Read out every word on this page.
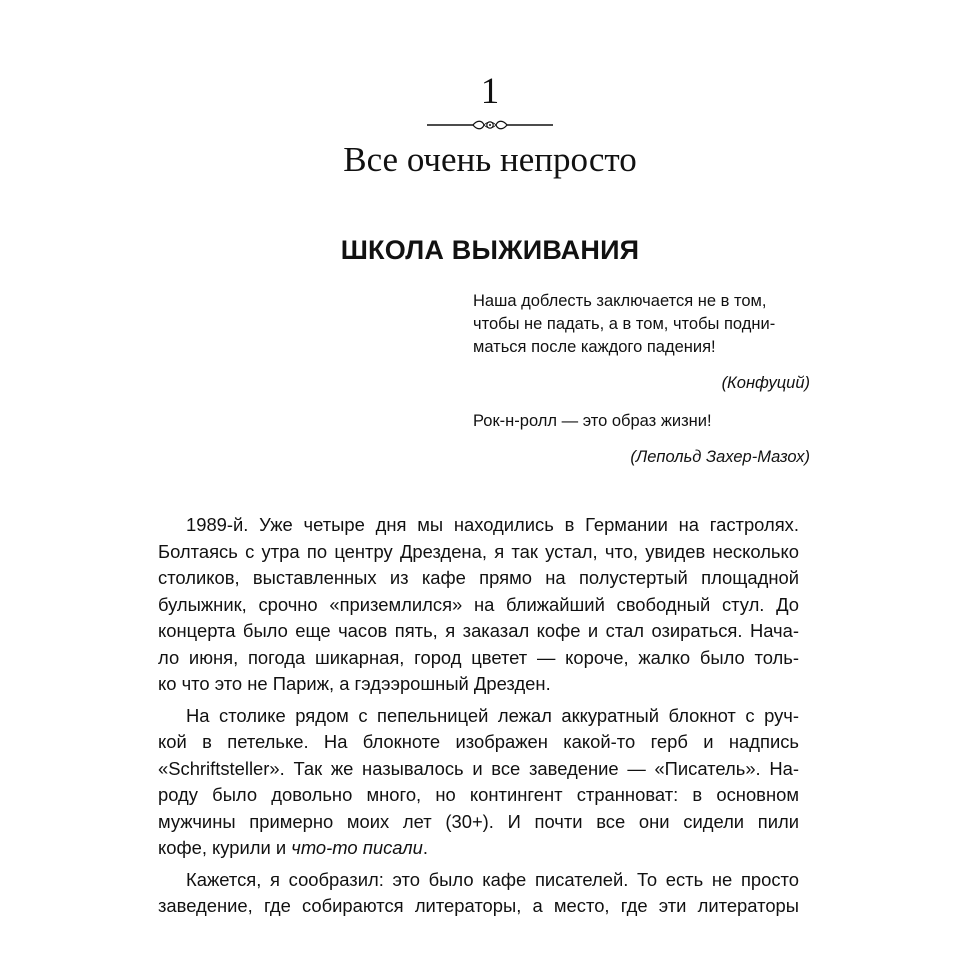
1
Все очень непросто
ШКОЛА ВЫЖИВАНИЯ

Наша доблесть заключается не в том,

чтобы не падать, а в том, чтобы подни-

маться после каждого падения!

(Конфуций)

Рок-н-ролл — это образ жизни!

(Лепольд Захер-Мазох)

1989-й. Уже четыре дня мы находились в Германии на гастролях.
Болтаясь с утра по центру Дрездена, я так устал, что, увидев несколько
столиков, выставленных из кафе прямо на полустертый площадной
булыжник, срочно «приземлился» на ближайший свободный стул. До
концерта было еще часов пять, я заказал кофе и стал озираться. Нача-
ло июня, погода шикарная, город цветет — короче, жалко было толь-
ко что это не Париж, а гэдээрошный Дрезден.
На столике рядом с пепельницей лежал аккуратный блокнот с руч-
кой в петельке. На блокноте изображен какой-то герб и надпись
«Schriftsteller». Так же называлось и все заведение — «Писатель». На-
роду было довольно много, но контингент странноват: в основном
мужчины примерно моих лет (30+). И почти все они сидели пили
кофе, курили и что-то писали.
Кажется, я сообразил: это было кафе писателей. То есть не просто
заведение, где собираются литераторы, а место, где эти литераторы
